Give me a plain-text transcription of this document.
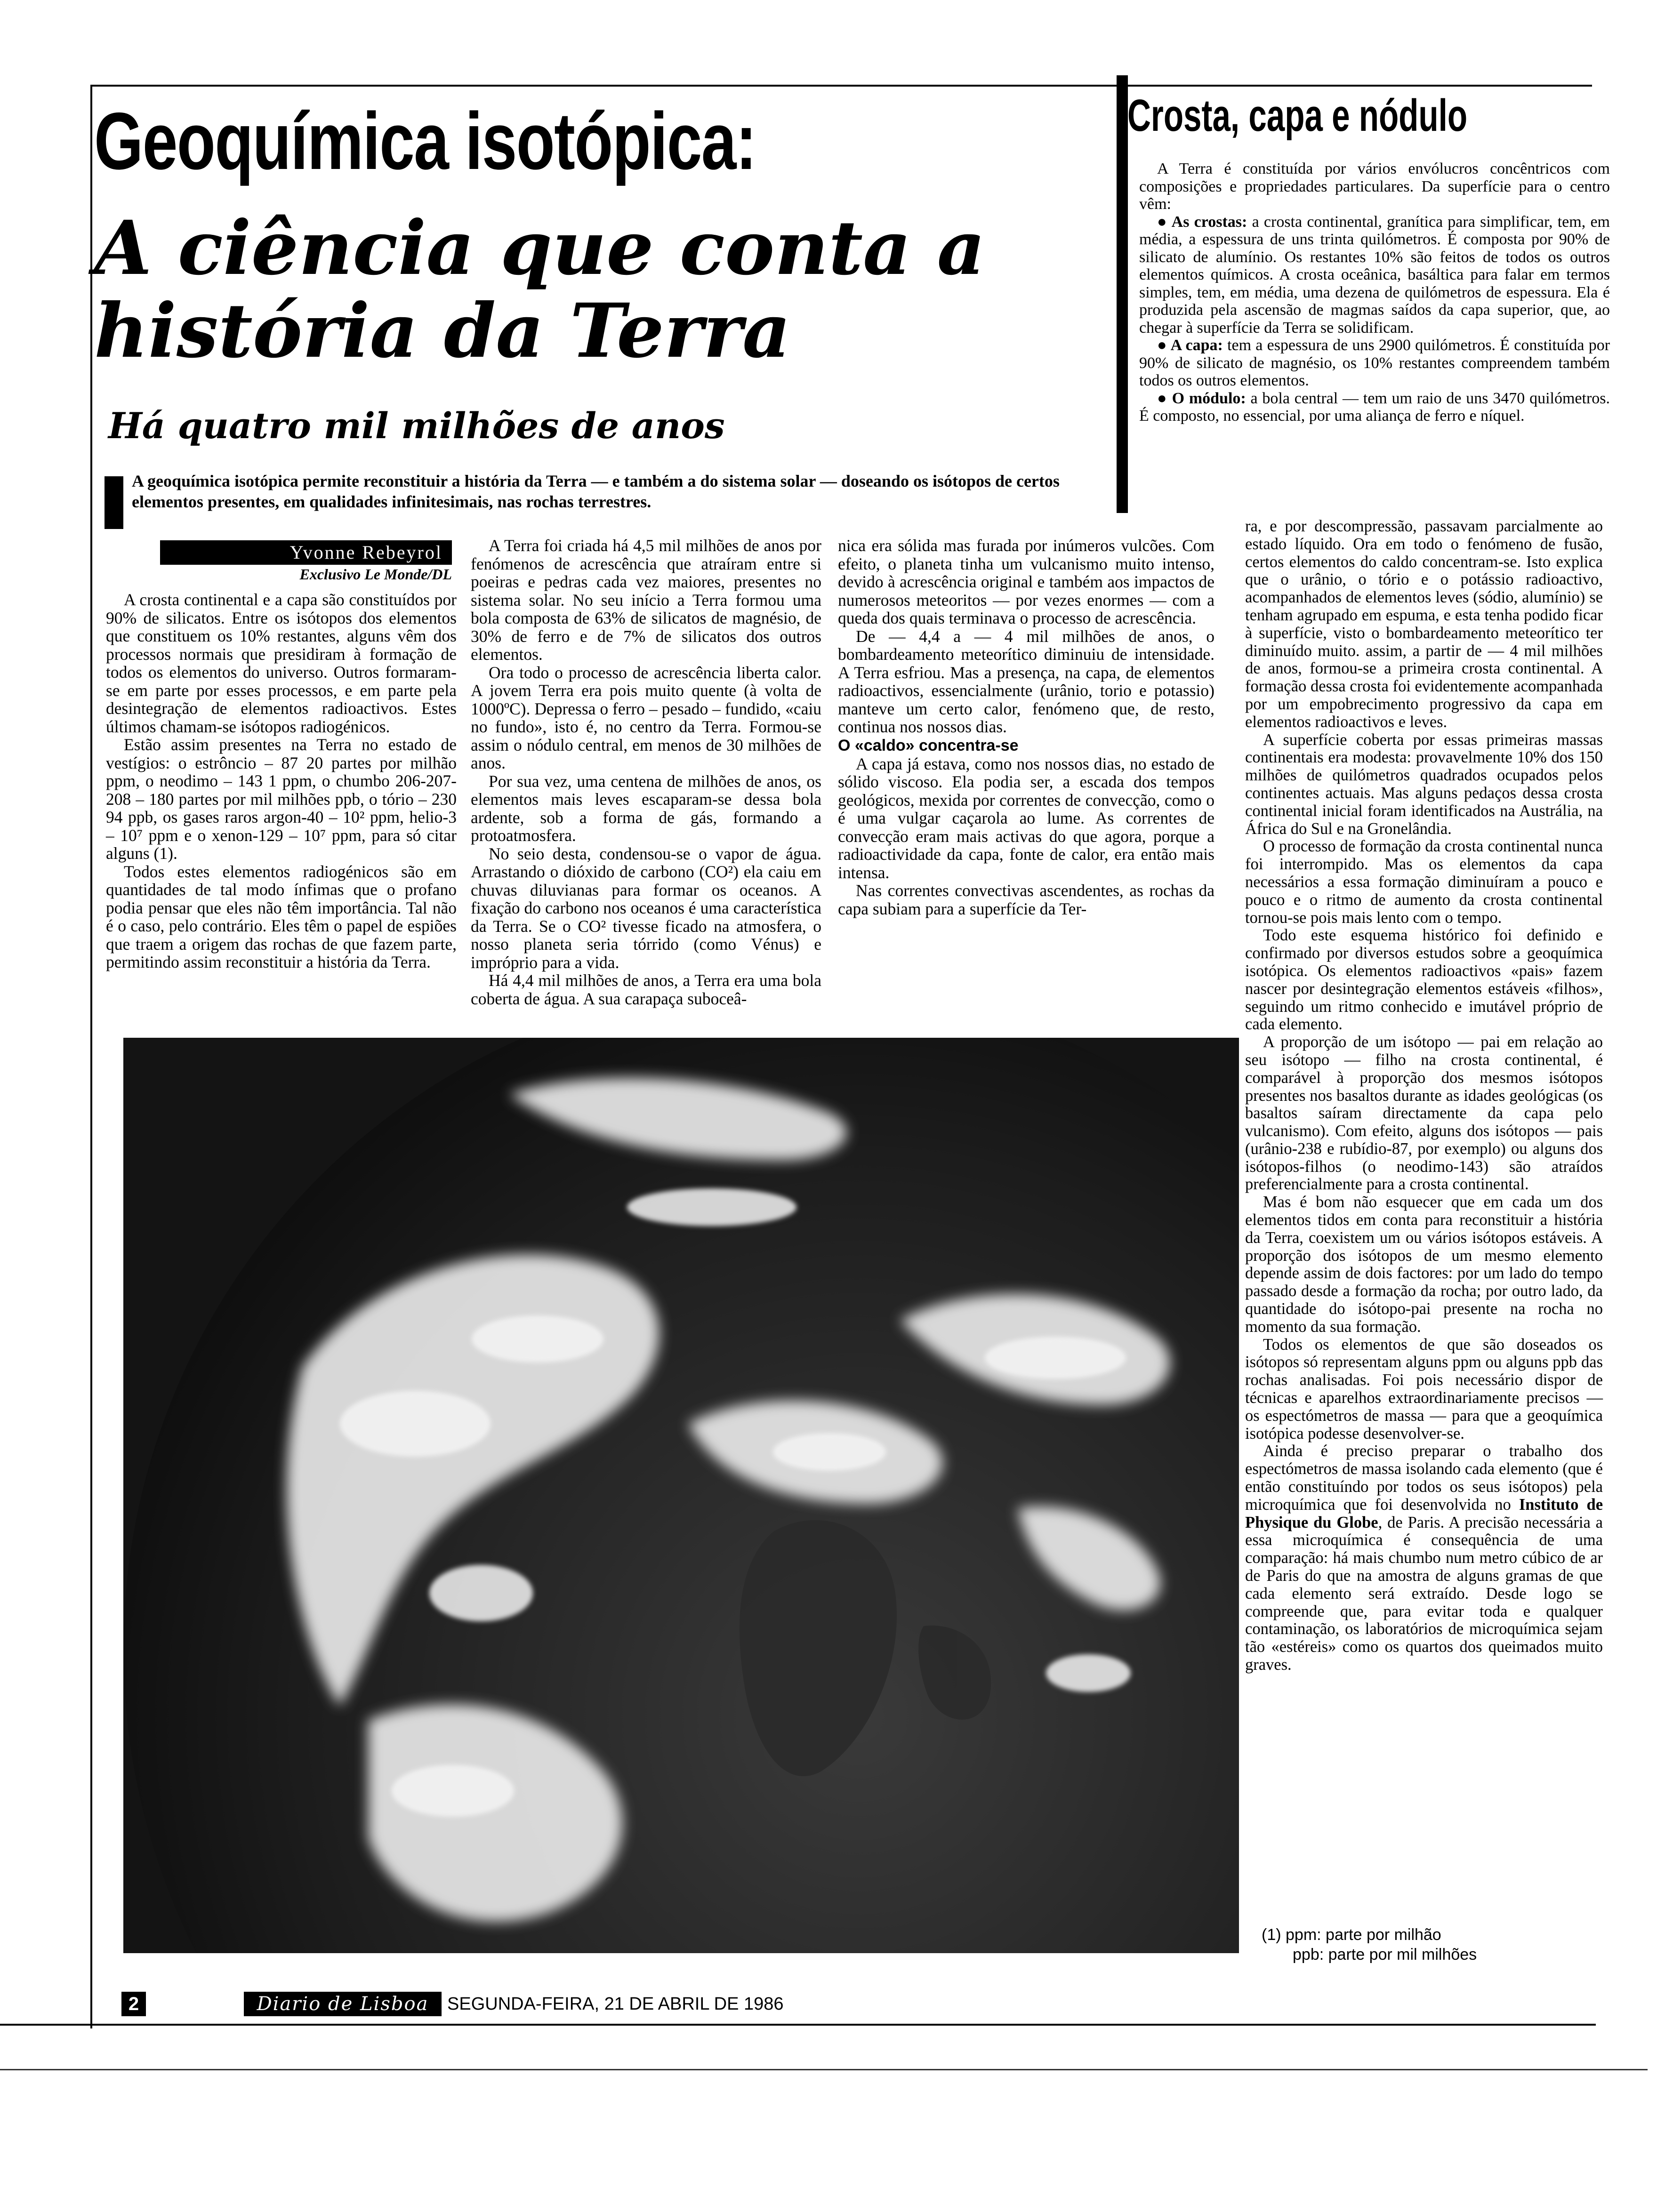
Geoquímica isotópica:
A ciência que conta a história da Terra
Há quatro mil milhões de anos
A geoquímica isotópica permite reconstituir a história da Terra — e também a do sistema solar — doseando os isótopos de certos elementos presentes, em qualidades infinitesimais, nas rochas terrestres.
Yvonne Rebeyrol
Exclusivo Le Monde/DL

A crosta continental e a capa são constituídos por 90% de silicatos. Entre os isótopos dos elementos que constituem os 10% restantes, alguns vêm dos processos normais que presidiram à formação de todos os elementos do universo. Outros formaram-se em parte por esses processos, e em parte pela desintegração de elementos radioactivos. Estes últimos chamam-se isótopos radiogénicos.

Estão assim presentes na Terra no estado de vestígios: o estrôncio – 87 20 partes por milhão ppm, o neodimo – 143 1 ppm, o chumbo 206-207-208 – 180 partes por mil milhões ppb, o tório – 230 94 ppb, os gases raros argon-40 – 10² ppm, helio-3 – 10⁷ ppm e o xenon-129 – 10⁷ ppm, para só citar alguns (1).

Todos estes elementos radiogénicos são em quantidades de tal modo ínfimas que o profano podia pensar que eles não têm importância. Tal não é o caso, pelo contrário. Eles têm o papel de espiões que traem a origem das rochas de que fazem parte, permitindo assim reconstituir a história da Terra.

A Terra foi criada há 4,5 mil milhões de anos por fenómenos de acrescência que atraíram entre si poeiras e pedras cada vez maiores, presentes no sistema solar. No seu início a Terra formou uma bola composta de 63% de silicatos de magnésio, de 30% de ferro e de 7% de silicatos dos outros elementos.

Ora todo o processo de acrescência liberta calor. A jovem Terra era pois muito quente (à volta de 1000ºC). Depressa o ferro – pesado – fundido, «caiu no fundo», isto é, no centro da Terra. Formou-se assim o nódulo central, em menos de 30 milhões de anos.

Por sua vez, uma centena de milhões de anos, os elementos mais leves escaparam-se dessa bola ardente, sob a forma de gás, formando a protoatmosfera.

No seio desta, condensou-se o vapor de água. Arrastando o dióxido de carbono (CO²) ela caiu em chuvas diluvianas para formar os oceanos. A fixação do carbono nos oceanos é uma característica da Terra. Se o CO² tivesse ficado na atmosfera, o nosso planeta seria tórrido (como Vénus) e impróprio para a vida.

Há 4,4 mil milhões de anos, a Terra era uma bola coberta de água. A sua carapaça suboceâ-

nica era sólida mas furada por inúmeros vulcões. Com efeito, o planeta tinha um vulcanismo muito intenso, devido à acrescência original e também aos impactos de numerosos meteoritos — por vezes enormes — com a queda dos quais terminava o processo de acrescência.

De — 4,4 a — 4 mil milhões de anos, o bombardeamento meteorítico diminuiu de intensidade. A Terra esfriou. Mas a presença, na capa, de elementos radioactivos, essencialmente (urânio, torio e potassio) manteve um certo calor, fenómeno que, de resto, continua nos nossos dias.

O «caldo» concentra-se

A capa já estava, como nos nossos dias, no estado de sólido viscoso. Ela podia ser, a escada dos tempos geológicos, mexida por correntes de convecção, como o é uma vulgar caçarola ao lume. As correntes de convecção eram mais activas do que agora, porque a radioactividade da capa, fonte de calor, era então mais intensa.

Nas correntes convectivas ascendentes, as rochas da capa subiam para a superfície da Ter-

ra, e por descompressão, passavam parcialmente ao estado líquido. Ora em todo o fenómeno de fusão, certos elementos do caldo concentram-se. Isto explica que o urânio, o tório e o potássio radioactivo, acompanhados de elementos leves (sódio, alumínio) se tenham agrupado em espuma, e esta tenha podido ficar à superfície, visto o bombardeamento meteorítico ter diminuído muito. assim, a partir de — 4 mil milhões de anos, formou-se a primeira crosta continental. A formação dessa crosta foi evidentemente acompanhada por um empobrecimento progressivo da capa em elementos radioactivos e leves.

A superfície coberta por essas primeiras massas continentais era modesta: provavelmente 10% dos 150 milhões de quilómetros quadrados ocupados pelos continentes actuais. Mas alguns pedaços dessa crosta continental inicial foram identificados na Austrália, na África do Sul e na Gronelândia.

O processo de formação da crosta continental nunca foi interrompido. Mas os elementos da capa necessários a essa formação diminuíram a pouco e pouco e o ritmo de aumento da crosta continental tornou-se pois mais lento com o tempo.

Todo este esquema histórico foi definido e confirmado por diversos estudos sobre a geoquímica isotópica. Os elementos radioactivos «pais» fazem nascer por desintegração elementos estáveis «filhos», seguindo um ritmo conhecido e imutável próprio de cada elemento.

A proporção de um isótopo — pai em relação ao seu isótopo — filho na crosta continental, é comparável à proporção dos mesmos isótopos presentes nos basaltos durante as idades geológicas (os basaltos saíram directamente da capa pelo vulcanismo). Com efeito, alguns dos isótopos — pais (urânio-238 e rubídio-87, por exemplo) ou alguns dos isótopos-filhos (o neodimo-143) são atraídos preferencialmente para a crosta continental.

Mas é bom não esquecer que em cada um dos elementos tidos em conta para reconstituir a história da Terra, coexistem um ou vários isótopos estáveis. A proporção dos isótopos de um mesmo elemento depende assim de dois factores: por um lado do tempo passado desde a formação da rocha; por outro lado, da quantidade do isótopo-pai presente na rocha no momento da sua formação.

Todos os elementos de que são doseados os isótopos só representam alguns ppm ou alguns ppb das rochas analisadas. Foi pois necessário dispor de técnicas e aparelhos extraordinariamente precisos — os espectómetros de massa — para que a geoquímica isotópica podesse desenvolver-se.

Ainda é preciso preparar o trabalho dos espectómetros de massa isolando cada elemento (que é então constituíndo por todos os seus isótopos) pela microquímica que foi desenvolvida no Instituto de Physique du Globe, de Paris. A precisão necessária a essa microquímica é consequência de uma comparação: há mais chumbo num metro cúbico de ar de Paris do que na amostra de alguns gramas de que cada elemento será extraído. Desde logo se compreende que, para evitar toda e qualquer contaminação, os laboratórios de microquímica sejam tão «estéreis» como os quartos dos queimados muito graves.

Crosta, capa e nódulo

A Terra é constituída por vários envólucros concêntricos com composições e propriedades particulares. Da superfície para o centro vêm:

● As crostas: a crosta continental, granítica para simplificar, tem, em média, a espessura de uns trinta quilómetros. É composta por 90% de silicato de alumínio. Os restantes 10% são feitos de todos os outros elementos químicos. A crosta oceânica, basáltica para falar em termos simples, tem, em média, uma dezena de quilómetros de espessura. Ela é produzida pela ascensão de magmas saídos da capa superior, que, ao chegar à superfície da Terra se solidificam.

● A capa: tem a espessura de uns 2900 quilómetros. É constituída por 90% de silicato de magnésio, os 10% restantes compreendem também todos os outros elementos.

● O módulo: a bola central — tem um raio de uns 3470 quilómetros. É composto, no essencial, por uma aliança de ferro e níquel.

2	Diario de Lisboa	SEGUNDA-FEIRA, 21 DE ABRIL DE 1986
(1) ppm: parte por milhão
ppb: parte por mil milhões
